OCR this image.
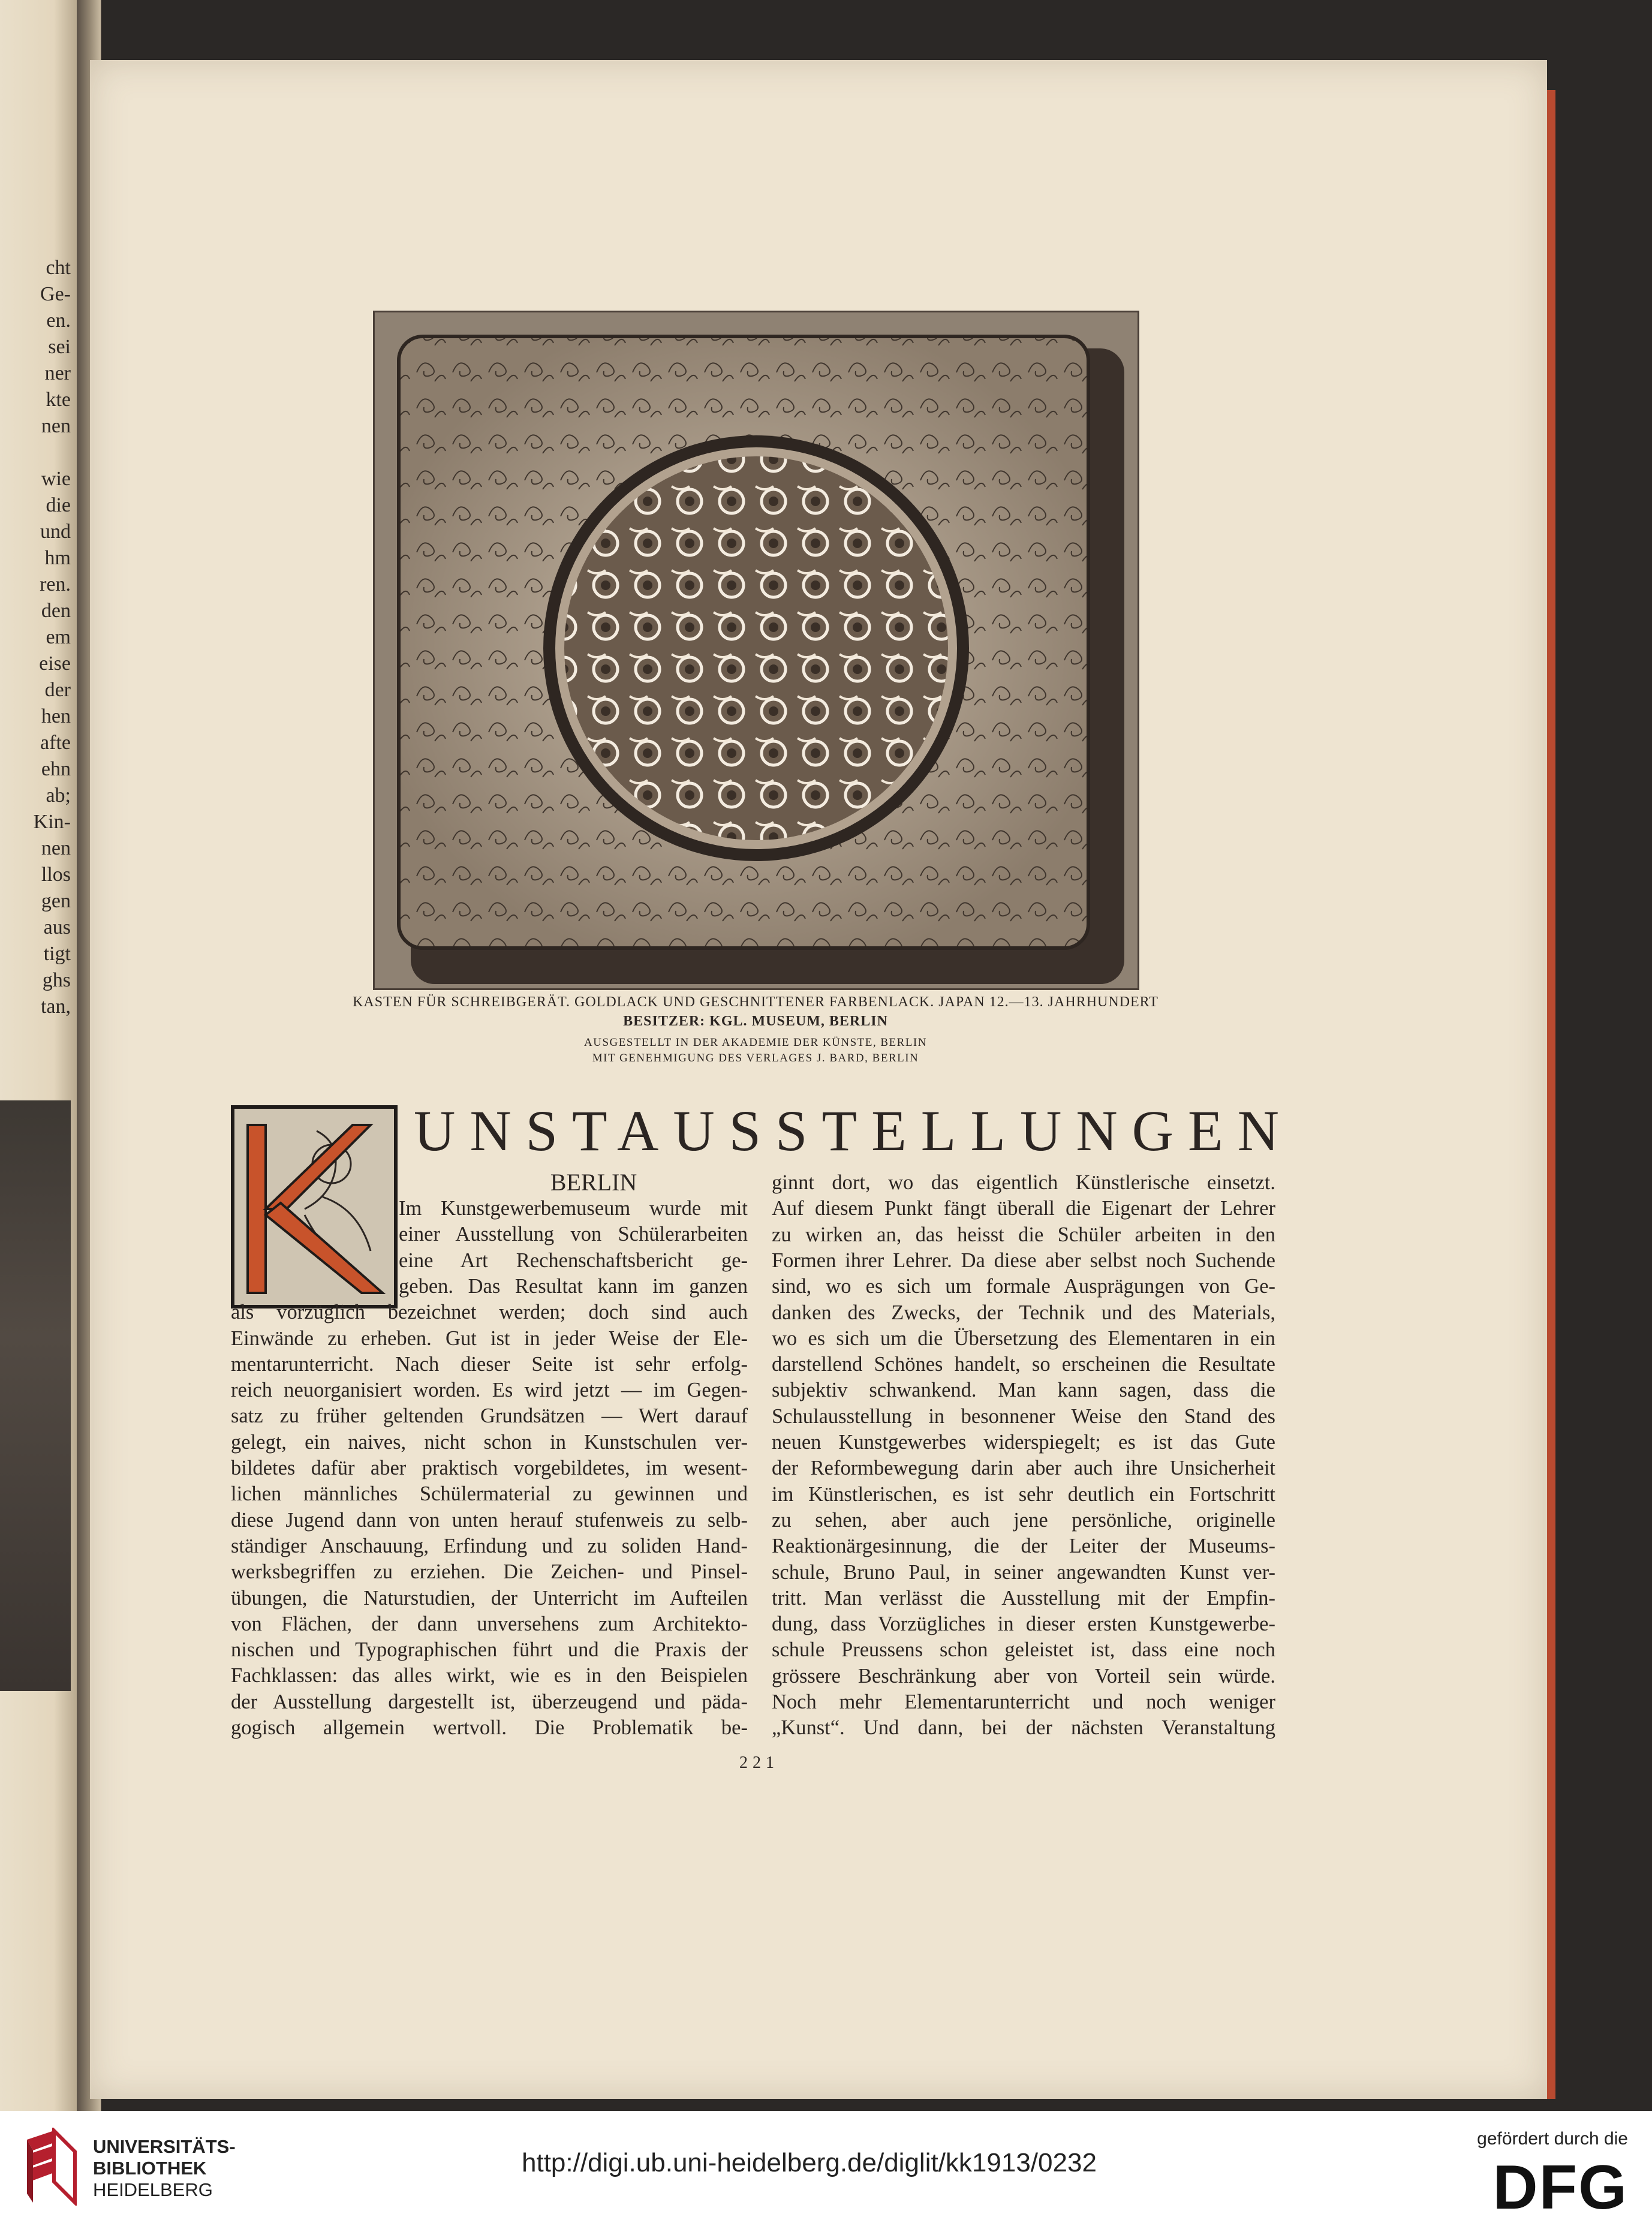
cht
Ge-
en.
sei
ner
kte
nen
wie
die
und
hm
ren.
den
em
eise
der
hen
afte
ehn
ab;
Kin-
nen
llos
gen
aus
tigt
ghs
tan,	KASTEN FÜR SCHREIBGERÄT. GOLDLACK UND GESCHNITTENER FARBENLACK. JAPAN 12.—13. JAHRHUNDERT
BESITZER: KGL. MUSEUM, BERLIN
AUSGESTELLT IN DER AKADEMIE DER KÜNSTE, BERLIN
MIT GENEHMIGUNG DES VERLAGES J. BARD, BERLIN
UNSTAUSSTELLUNGEN
BERLIN
Im Kunstgewerbemuseum wurde mit
einer Ausstellung von Schülerarbeiten
eine Art Rechenschaftsbericht ge-
geben. Das Resultat kann im ganzen
als vorzüglich bezeichnet werden; doch sind auch
Einwände zu erheben. Gut ist in jeder Weise der Ele-
mentarunterricht. Nach dieser Seite ist sehr erfolg-
reich neuorganisiert worden. Es wird jetzt — im Gegen-
satz zu früher geltenden Grundsätzen — Wert darauf
gelegt, ein naives, nicht schon in Kunstschulen ver-
bildetes dafür aber praktisch vorgebildetes, im wesent-
lichen männliches Schülermaterial zu gewinnen und
diese Jugend dann von unten herauf stufenweis zu selb-
ständiger Anschauung, Erfindung und zu soliden Hand-
werksbegriffen zu erziehen. Die Zeichen- und Pinsel-
übungen, die Naturstudien, der Unterricht im Aufteilen
von Flächen, der dann unversehens zum Architekto-
nischen und Typographischen führt und die Praxis der
Fachklassen: das alles wirkt, wie es in den Beispielen
der Ausstellung dargestellt ist, überzeugend und päda-
gogisch allgemein wertvoll. Die Problematik be-
ginnt dort, wo das eigentlich Künstlerische einsetzt.
Auf diesem Punkt fängt überall die Eigenart der Lehrer
zu wirken an, das heisst die Schüler arbeiten in den
Formen ihrer Lehrer. Da diese aber selbst noch Suchende
sind, wo es sich um formale Ausprägungen von Ge-
danken des Zwecks, der Technik und des Materials,
wo es sich um die Übersetzung des Elementaren in ein
darstellend Schönes handelt, so erscheinen die Resultate
subjektiv schwankend. Man kann sagen, dass die
Schulausstellung in besonnener Weise den Stand des
neuen Kunstgewerbes widerspiegelt; es ist das Gute
der Reformbewegung darin aber auch ihre Unsicherheit
im Künstlerischen, es ist sehr deutlich ein Fortschritt
zu sehen, aber auch jene persönliche, originelle
Reaktionärgesinnung, die der Leiter der Museums-
schule, Bruno Paul, in seiner angewandten Kunst ver-
tritt. Man verlässt die Ausstellung mit der Empfin-
dung, dass Vorzügliches in dieser ersten Kunstgewerbe-
schule Preussens schon geleistet ist, dass eine noch
grössere Beschränkung aber von Vorteil sein würde.
Noch mehr Elementarunterricht und noch weniger
„Kunst“. Und dann, bei der nächsten Veranstaltung
221
UNIVERSITÄTS-
BIBLIOTHEK
HEIDELBERG
http://digi.ub.uni-heidelberg.de/diglit/kk1913/0232
gefördert durch die
DFG
